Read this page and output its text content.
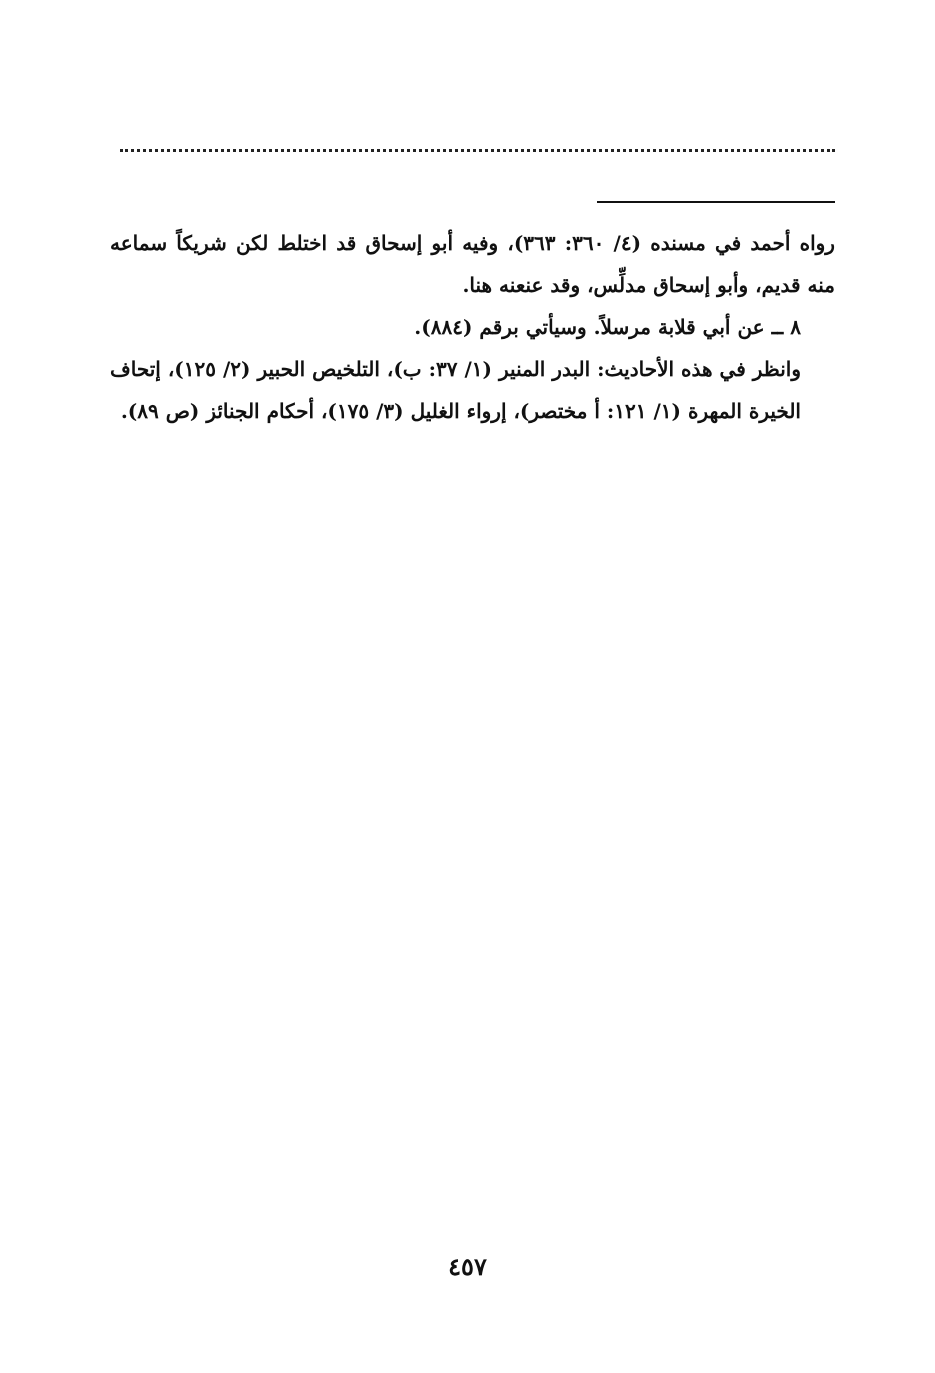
رواه أحمد في مسنده (٤/ ٣٦٠: ٣٦٣)، وفيه أبو إسحاق قد اختلط لكن شريكاً سماعه منه قديم، وأبو إسحاق مدلِّس، وقد عنعنه هنا.

٨ ــ عن أبي قلابة مرسلاً. وسيأتي برقم (٨٨٤).

وانظر في هذه الأحاديث: البدر المنير (١/ ٣٧: ب)، التلخيص الحبير (٢/ ١٢٥)، إتحاف الخيرة المهرة (١/ ١٢١: أ مختصر)، إرواء الغليل (٣/ ١٧٥)، أحكام الجنائز (ص ٨٩).

٤٥٧
